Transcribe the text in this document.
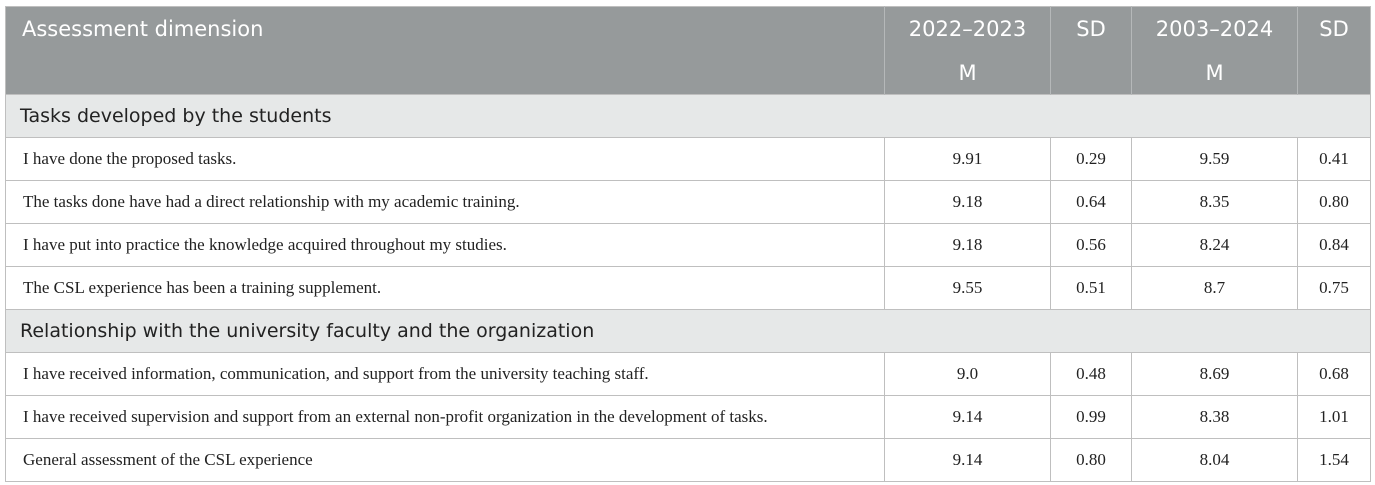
Assessment dimension	2022–2023	SD	2003–2024	SD
	M		M	
Tasks developed by the students				
I have done the proposed tasks.	9.91	0.29	9.59	0.41
The tasks done have had a direct relationship with my academic training.	9.18	0.64	8.35	0.80
I have put into practice the knowledge acquired throughout my studies.	9.18	0.56	8.24	0.84
The CSL experience has been a training supplement.	9.55	0.51	8.7	0.75
Relationship with the university faculty and the organization				
I have received information, communication, and support from the university teaching staff.	9.0	0.48	8.69	0.68
I have received supervision and support from an external non-profit organization in the development of tasks.	9.14	0.99	8.38	1.01
General assessment of the CSL experience	9.14	0.80	8.04	1.54
